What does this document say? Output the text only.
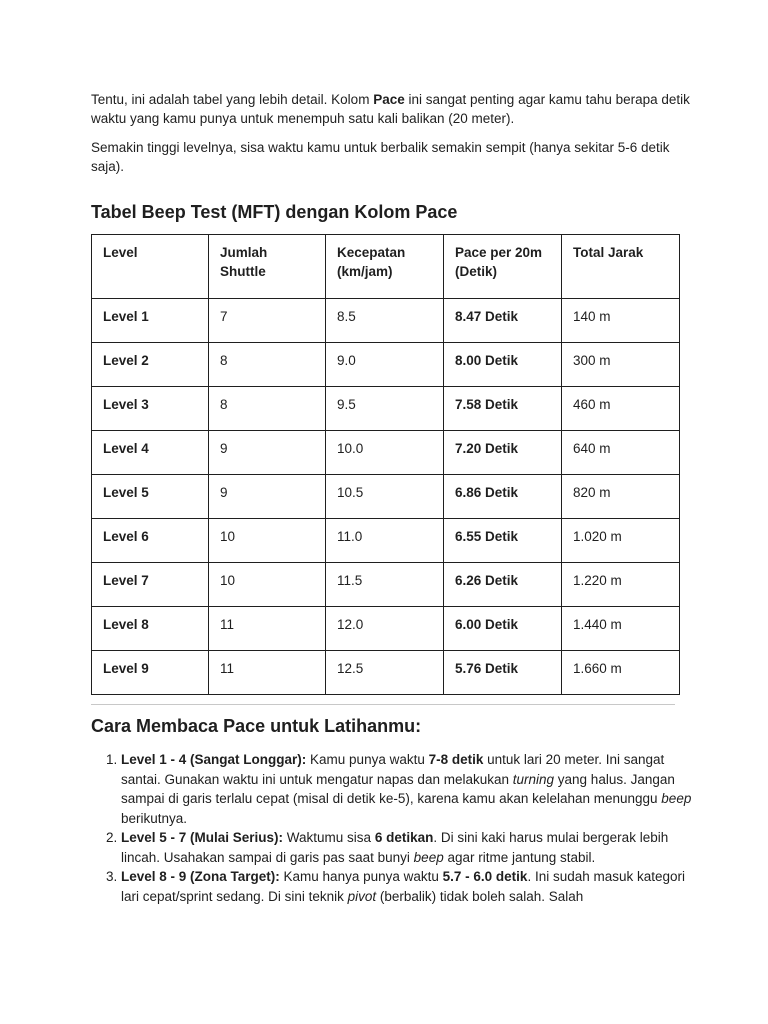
Tentu, ini adalah tabel yang lebih detail. Kolom Pace ini sangat penting agar kamu tahu berapa detik waktu yang kamu punya untuk menempuh satu kali balikan (20 meter).

Semakin tinggi levelnya, sisa waktu kamu untuk berbalik semakin sempit (hanya sekitar 5-6 detik saja).

Tabel Beep Test (MFT) dengan Kolom Pace
Level	Jumlah Shuttle	Kecepatan (km/jam)	Pace per 20m (Detik)	Total Jarak
Level 1	7	8.5	8.47 Detik	140 m
Level 2	8	9.0	8.00 Detik	300 m
Level 3	8	9.5	7.58 Detik	460 m
Level 4	9	10.0	7.20 Detik	640 m
Level 5	9	10.5	6.86 Detik	820 m
Level 6	10	11.0	6.55 Detik	1.020 m
Level 7	10	11.5	6.26 Detik	1.220 m
Level 8	11	12.0	6.00 Detik	1.440 m
Level 9	11	12.5	5.76 Detik	1.660 m
Cara Membaca Pace untuk Latihanmu:
1. Level 1 - 4 (Sangat Longgar): Kamu punya waktu 7-8 detik untuk lari 20 meter. Ini sangat santai. Gunakan waktu ini untuk mengatur napas dan melakukan turning yang halus. Jangan sampai di garis terlalu cepat (misal di detik ke-5), karena kamu akan kelelahan menunggu beep berikutnya.
2. Level 5 - 7 (Mulai Serius): Waktumu sisa 6 detikan. Di sini kaki harus mulai bergerak lebih lincah. Usahakan sampai di garis pas saat bunyi beep agar ritme jantung stabil.
3. Level 8 - 9 (Zona Target): Kamu hanya punya waktu 5.7 - 6.0 detik. Ini sudah masuk kategori lari cepat/sprint sedang. Di sini teknik pivot (berbalik) tidak boleh salah. Salah
